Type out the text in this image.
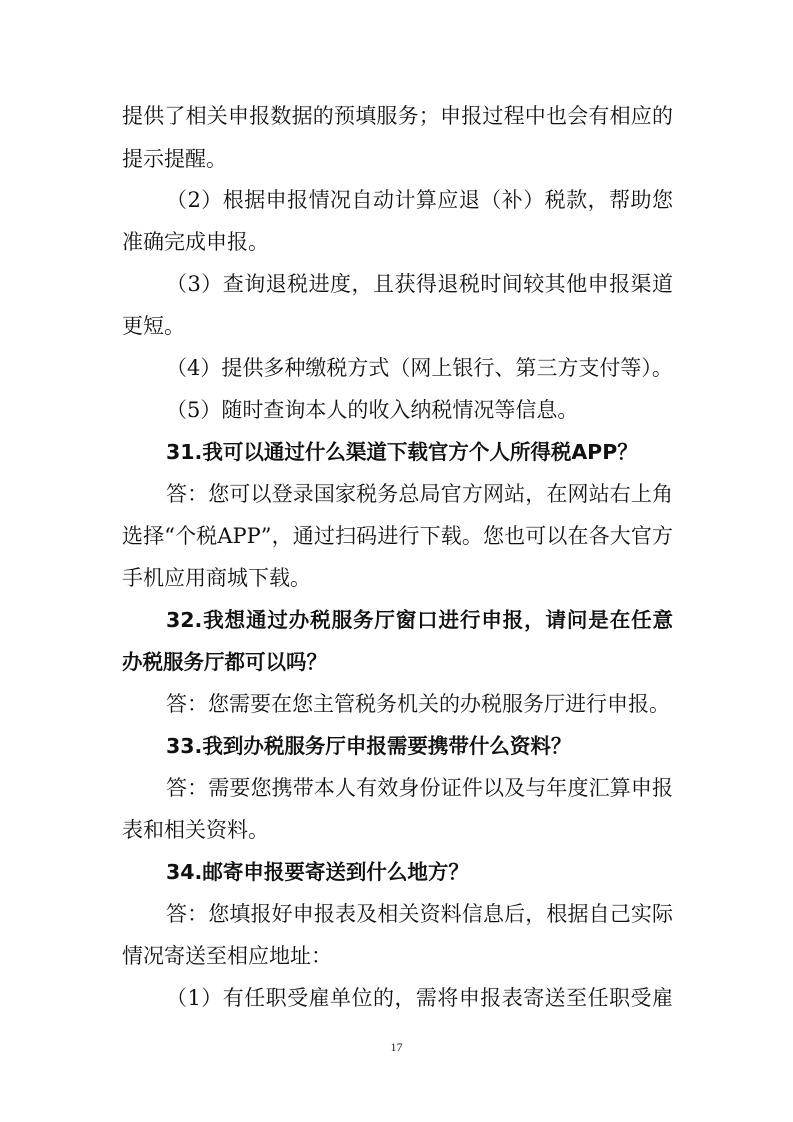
提供了相关申报数据的预填服务；申报过程中也会有相应的
提示提醒。
（2）根据申报情况自动计算应退（补）税款，帮助您
准确完成申报。
（3）查询退税进度，且获得退税时间较其他申报渠道
更短。
（4）提供多种缴税方式（网上银行、第三方支付等）。
（5）随时查询本人的收入纳税情况等信息。
31.我可以通过什么渠道下载官方个人所得税APP？
答：您可以登录国家税务总局官方网站，在网站右上角
选择“个税APP”，通过扫码进行下载。您也可以在各大官方
手机应用商城下载。
32.我想通过办税服务厅窗口进行申报，请问是在任意
办税服务厅都可以吗？
答：您需要在您主管税务机关的办税服务厅进行申报。
33.我到办税服务厅申报需要携带什么资料？
答：需要您携带本人有效身份证件以及与年度汇算申报
表和相关资料。
34.邮寄申报要寄送到什么地方？
答：您填报好申报表及相关资料信息后，根据自己实际
情况寄送至相应地址：
（1）有任职受雇单位的，需将申报表寄送至任职受雇
17
